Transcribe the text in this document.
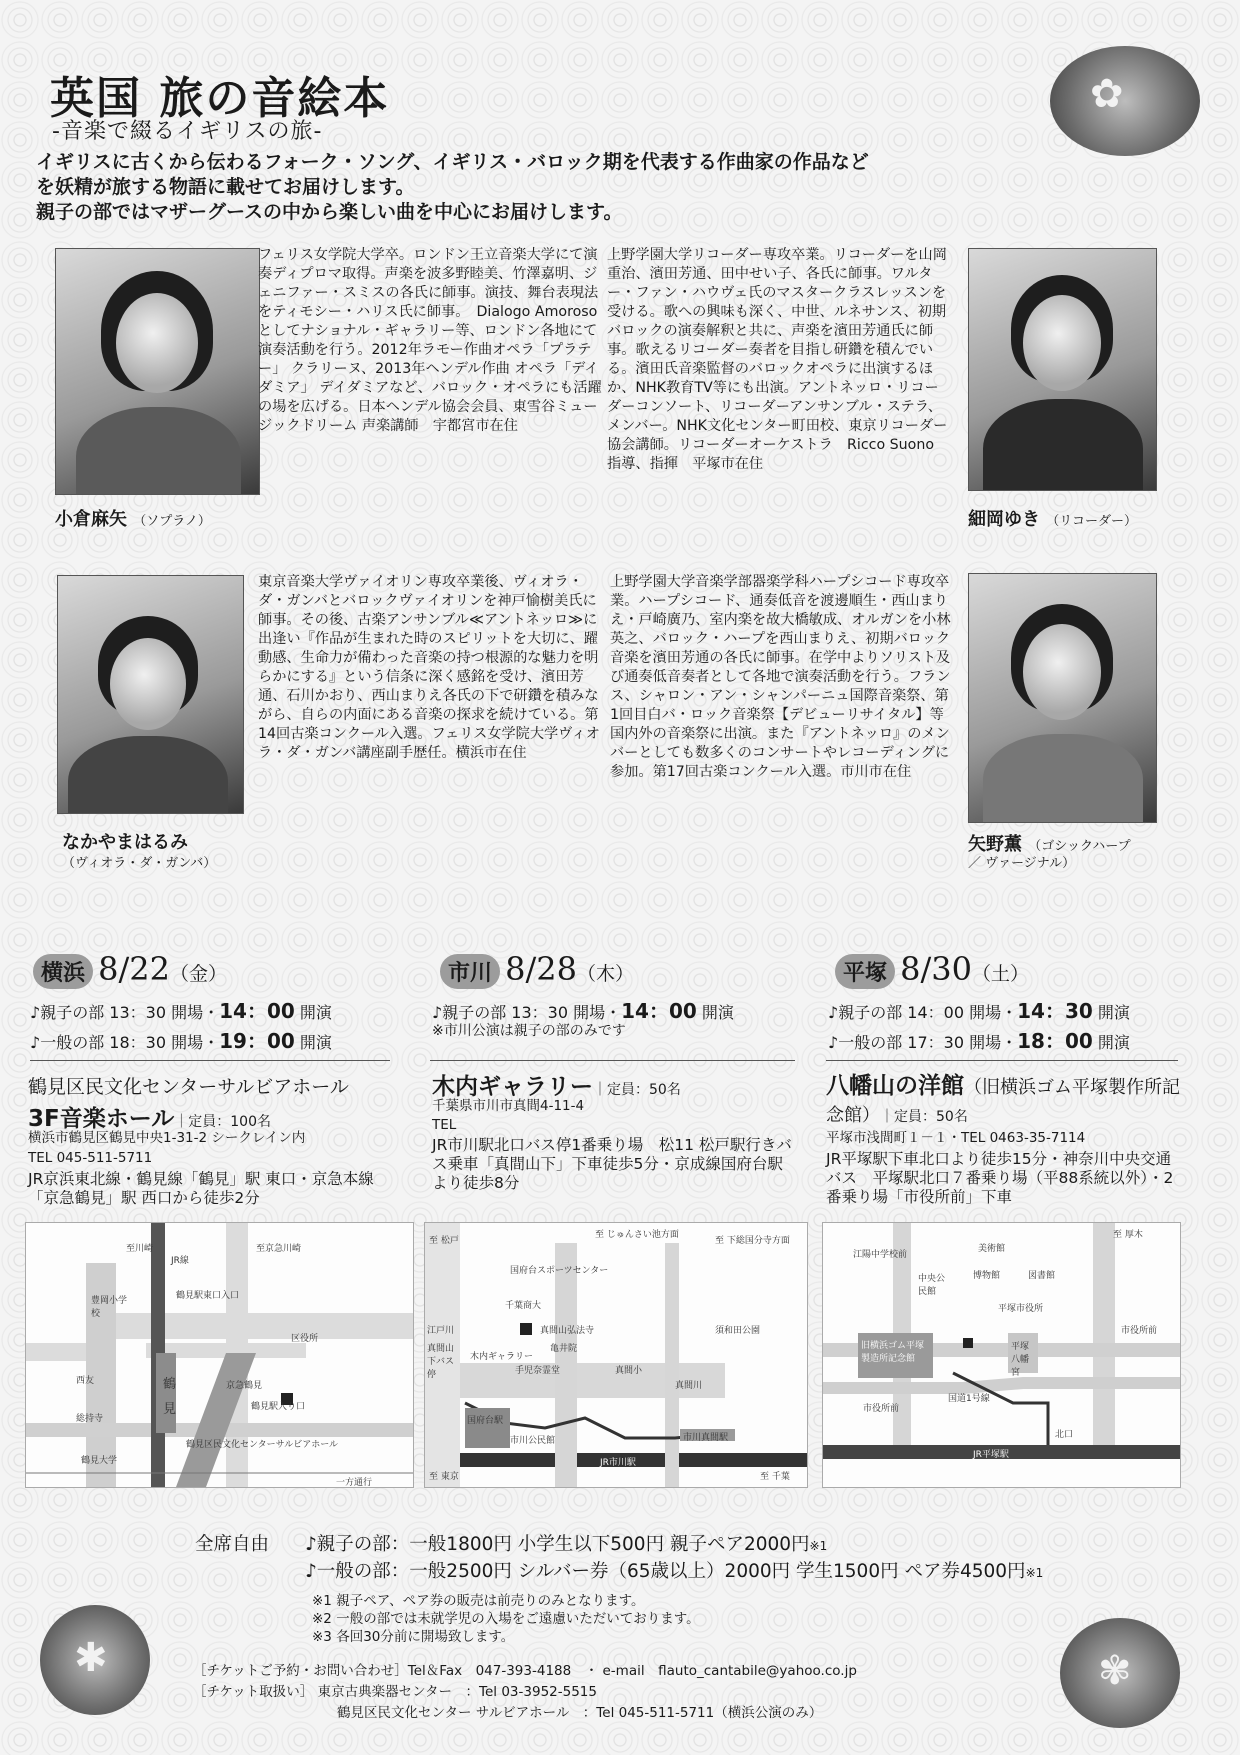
✿
✱	✾
英国 旅の音絵本
-音楽で綴るイギリスの旅-
イギリスに古くから伝わるフォーク・ソング、イギリス・バロック期を代表する作曲家の作品など
を妖精が旅する物語に載せてお届けします。
親子の部ではマザーグースの中から楽しい曲を中心にお届けします。
フェリス女学院大学卒。ロンドン王立音楽大学にて演奏ディプロマ取得。声楽を波多野睦美、竹澤嘉明、ジェニファー・スミスの各氏に師事。演技、舞台表現法をティモシー・ハリス氏に師事。　Dialogo Amorosoとしてナショナル・ギャラリー等、ロンドン各地にて演奏活動を行う。2012年ラモー作曲オペラ「プラテー」 クラリーヌ、2013年ヘンデル作曲 オペラ「デイダミア」 デイダミアなど、バロック・オペラにも活躍の場を広げる。日本ヘンデル協会会員、東雪谷ミュージックドリーム 声楽講師　宇都宮市在住
小倉麻矢 （ソプラノ）
上野学園大学リコーダー専攻卒業。リコーダーを山岡重治、濱田芳通、田中せい子、各氏に師事。ワルター・ファン・ハウヴェ氏のマスタークラスレッスンを受ける。歌への興味も深く、中世、ルネサンス、初期バロックの演奏解釈と共に、声楽を濱田芳通氏に師事。歌えるリコーダー奏者を目指し研鑽を積んでいる。濱田氏音楽監督のバロックオペラに出演するほか、NHK教育TV等にも出演。アントネッロ・リコーダーコンソート、リコーダーアンサンブル・ステラ、メンバー。NHK文化センター町田校、東京リコーダー協会講師。リコーダーオーケストラ　Ricco Suono 指導、指揮　平塚市在住
細岡ゆき （リコーダー）
東京音楽大学ヴァイオリン専攻卒業後、ヴィオラ・ダ・ガンバとバロックヴァイオリンを神戸愉樹美氏に師事。その後、古楽アンサンブル≪アントネッロ≫に出逢い『作品が生まれた時のスピリットを大切に、躍動感、生命力が備わった音楽の持つ根源的な魅力を明らかにする』という信条に深く感銘を受け、濱田芳通、石川かおり、西山まりえ各氏の下で研鑽を積みながら、自らの内面にある音楽の探求を続けている。第14回古楽コンクール入選。フェリス女学院大学ヴィオラ・ダ・ガンバ講座副手歴任。横浜市在住
なかやまはるみ
（ヴィオラ・ダ・ガンバ）
上野学園大学音楽学部器楽学科ハープシコード専攻卒業。ハープシコード、通奏低音を渡邊順生・西山まりえ・戸崎廣乃、室内楽を故大橋敏成、オルガンを小林英之、バロック・ハープを西山まりえ、初期バロック音楽を濱田芳通の各氏に師事。在学中よりソリスト及び通奏低音奏者として各地で演奏活動を行う。フランス、シャロン・アン・シャンパーニュ国際音楽祭、第1回目白バ・ロック音楽祭【デビューリサイタル】等国内外の音楽祭に出演。また『アントネッロ』のメンバーとしても数多くのコンサートやレコーディングに参加。第17回古楽コンクール入選。市川市在住
矢野薫 （ゴシックハープ
／ ヴァージナル）
横浜 8/22（金）
♪親子の部 13：30 開場・14：00 開演
♪一般の部 18：30 開場・19：00 開演
鶴見区民文化センターサルビアホール
3F音楽ホール｜定員：100名
横浜市鶴見区鶴見中央1-31-2 シークレイン内
TEL 045-511-5711
JR京浜東北線・鶴見線「鶴見」駅 東口・京急本線「京急鶴見」駅 西口から徒歩2分
市川 8/28（木）
♪親子の部 13：30 開場・14：00 開演
※市川公演は親子の部のみです
木内ギャラリー｜定員：50名
千葉県市川市真間4-11-4
TEL
JR市川駅北口バス停1番乗り場　松11 松戸駅行きバス乗車「真間山下」下車徒歩5分・京成線国府台駅より徒歩8分
平塚 8/30（土）
♪親子の部 14：00 開場・14：30 開演
♪一般の部 17：30 開場・18：00 開演
八幡山の洋館（旧横浜ゴム平塚製作所記念館）｜定員：50名
平塚市浅間町１－１・TEL 0463-35-7114
JR平塚駅下車北口より徒歩15分・神奈川中央交通バス　平塚駅北口７番乗り場（平88系統以外）・2番乗り場「市役所前」下車
至川崎
JR線
至京急川崎
豊岡小学校
鶴見駅東口入口
区役所
西友	鶴
見
京急鶴見
総持寺
鶴見駅入り口
鶴見区民文化センターサルビアホール
鶴見大学
一方通行
至 松戸
至 じゅんさい池方面
至 下総国分寺方面
国府台スポーツセンター
千葉商大
江戸川
真間山下バス停
真間山弘法寺
木内ギャラリー
亀井院
須和田公園
手児奈霊堂	真間小
真間川
国府台駅
市川公民館	市川真間駅
至 東京	至 千葉
JR市川駅
至 厚木
江陽中学校前
美術館
博物館	図書館
中央公民館
平塚市役所
旧横浜ゴム平塚製造所記念館
平塚八幡宮
市役所前
国道1号線
市役所前
北口
JR平塚駅
全席自由 ♪親子の部：一般1800円 小学生以下500円 親子ペア2000円※1
♪一般の部：一般2500円 シルバー券（65歳以上）2000円 学生1500円 ペア券4500円※1
※1 親子ペア、ペア券の販売は前売りのみとなります。
※2 一般の部では未就学児の入場をご遠慮いただいております。
※3 各回30分前に開場致します。
［チケットご予約・お問い合わせ］Tel＆Fax　047-393-4188　・ e-mail　flauto_cantabile@yahoo.co.jp
［チケット取扱い］ 東京古典楽器センター　：Tel 03-3952-5515
鶴見区民文化センター サルビアホール　：Tel 045-511-5711（横浜公演のみ）
